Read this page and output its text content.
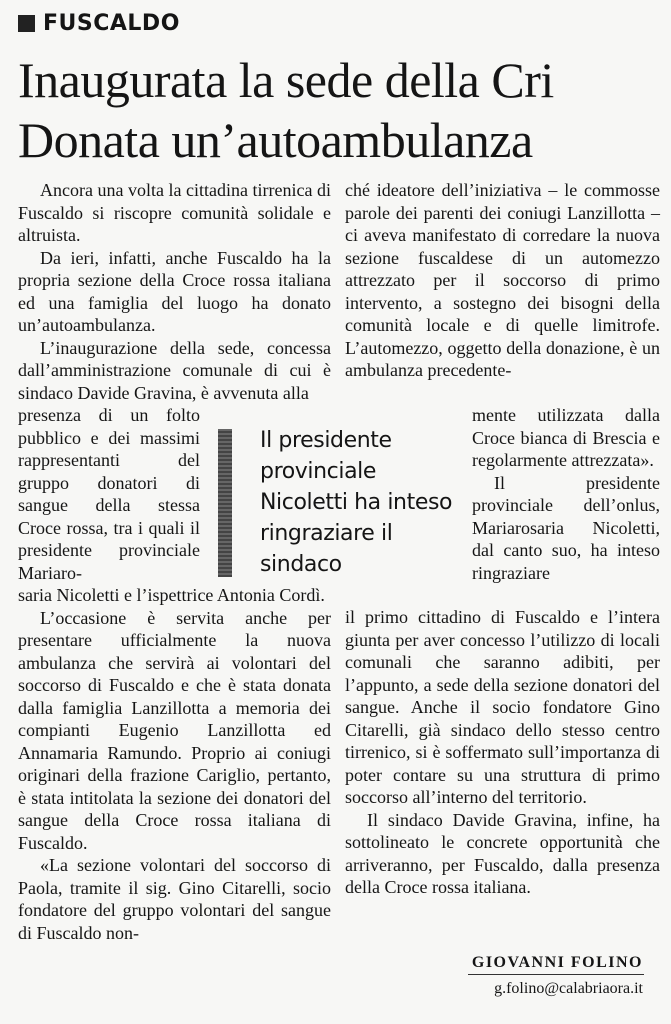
FUSCALDO
Inaugurata la sede della Cri
Donata un’autoambulanza

Ancora una volta la cittadina tirrenica di Fuscaldo si riscopre comunità solidale e altruista.

Da ieri, infatti, anche Fuscaldo ha la propria sezione della Croce rossa italiana ed una famiglia del luogo ha donato un’autoambulanza.

L’inaugurazione della sede, concessa dall’amministrazione comunale di cui è sindaco Davide Gravina, è avvenuta alla

presenza di un folto pubblico e dei massimi rappresentanti del gruppo donatori di sangue della stessa Croce rossa, tra i quali il presidente provinciale Mariaro-

Il presidente provinciale Nicoletti ha inteso ringraziare il sindaco

saria Nicoletti e l’ispettrice Antonia Cordì.

L’occasione è servita anche per presentare ufficialmente la nuova ambulanza che servirà ai volontari del soccorso di Fuscaldo e che è stata donata dalla famiglia Lanzillotta a memoria dei compianti Eugenio Lanzillotta ed Annamaria Ramundo. Proprio ai coniugi originari della frazione Cariglio, pertanto, è stata intitolata la sezione dei donatori del sangue della Croce rossa italiana di Fuscaldo.

«La sezione volontari del soccorso di Paola, tramite il sig. Gino Citarelli, socio fondatore del gruppo volontari del sangue di Fuscaldo non-

ché ideatore dell’iniziativa – le commosse parole dei parenti dei coniugi Lanzillotta – ci aveva manifestato di corredare la nuova sezione fuscaldese di un automezzo attrezzato per il soccorso di primo intervento, a sostegno dei bisogni della comunità locale e di quelle limitrofe. L’automezzo, oggetto della donazione, è un ambulanza precedente-

mente utilizzata dalla Croce bianca di Brescia e regolarmente attrezzata».

Il presidente provinciale dell’onlus, Mariarosaria Nicoletti, dal canto suo, ha inteso ringraziare

il primo cittadino di Fuscaldo e l’intera giunta per aver concesso l’utilizzo di locali comunali che saranno adibiti, per l’appunto, a sede della sezione donatori del sangue. Anche il socio fondatore Gino Citarelli, già sindaco dello stesso centro tirrenico, si è soffermato sull’importanza di poter contare su una struttura di primo soccorso all’interno del territorio.

Il sindaco Davide Gravina, infine, ha sottolineato le concrete opportunità che arriveranno, per Fuscaldo, dalla presenza della Croce rossa italiana.

GIOVANNI FOLINO
g.folino@calabriaora.it
